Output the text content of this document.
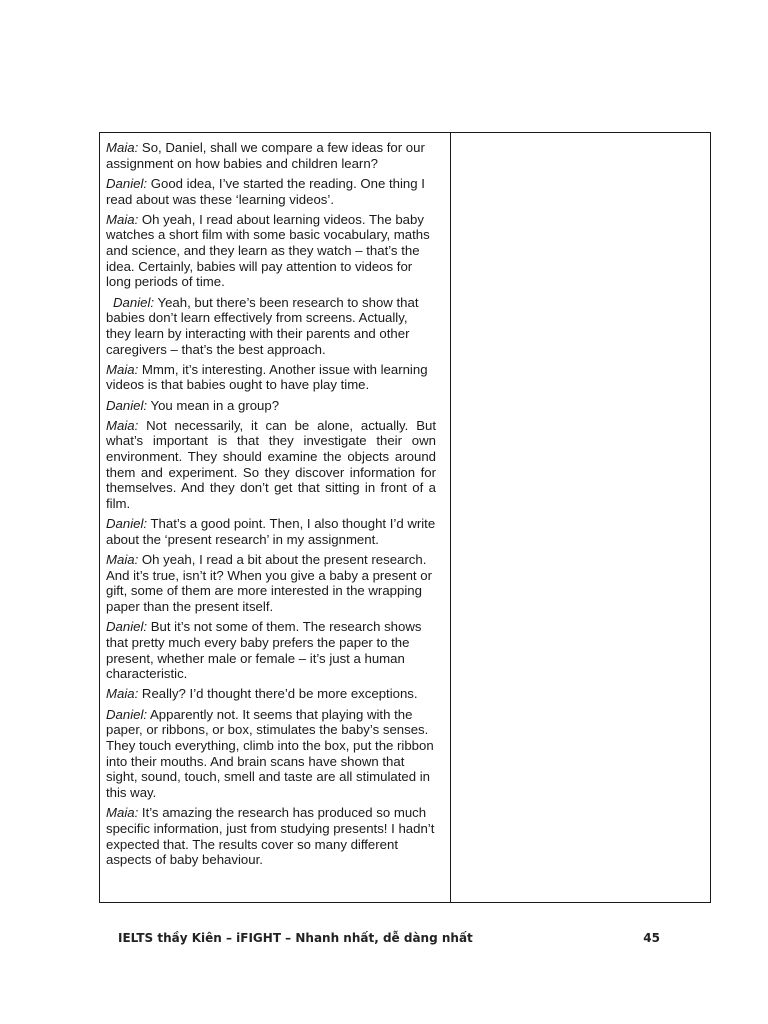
Maia: So, Daniel, shall we compare a few ideas for our assignment on how babies and children learn?

Daniel: Good idea, I’ve started the reading. One thing I read about was these ‘learning videos’.

Maia: Oh yeah, I read about learning videos. The baby watches a short film with some basic vocabulary, maths and science, and they learn as they watch – that’s the idea. Certainly, babies will pay attention to videos for long periods of time.

Daniel: Yeah, but there’s been research to show that babies don’t learn effectively from screens. Actually, they learn by interacting with their parents and other caregivers – that’s the best approach.

Maia: Mmm, it’s interesting. Another issue with learning videos is that babies ought to have play time.

Daniel: You mean in a group?

Maia: Not necessarily, it can be alone, actually. But what’s important is that they investigate their own environment. They should examine the objects around them and experiment. So they discover information for themselves. And they don’t get that sitting in front of a film.

Daniel: That’s a good point. Then, I also thought I’d write about the ‘present research’ in my assignment.

Maia: Oh yeah, I read a bit about the present research. And it’s true, isn’t it? When you give a baby a present or gift, some of them are more interested in the wrapping paper than the present itself.

Daniel: But it’s not some of them. The research shows that pretty much every baby prefers the paper to the present, whether male or female – it’s just a human characteristic.

Maia: Really? I’d thought there’d be more exceptions.

Daniel: Apparently not. It seems that playing with the paper, or ribbons, or box, stimulates the baby’s senses. They touch everything, climb into the box, put the ribbon into their mouths. And brain scans have shown that sight, sound, touch, smell and taste are all stimulated in this way.

Maia: It’s amazing the research has produced so much specific information, just from studying presents! I hadn’t expected that. The results cover so many different aspects of baby behaviour.

IELTS thầy Kiên – iFIGHT – Nhanh nhất, dễ dàng nhất	45
